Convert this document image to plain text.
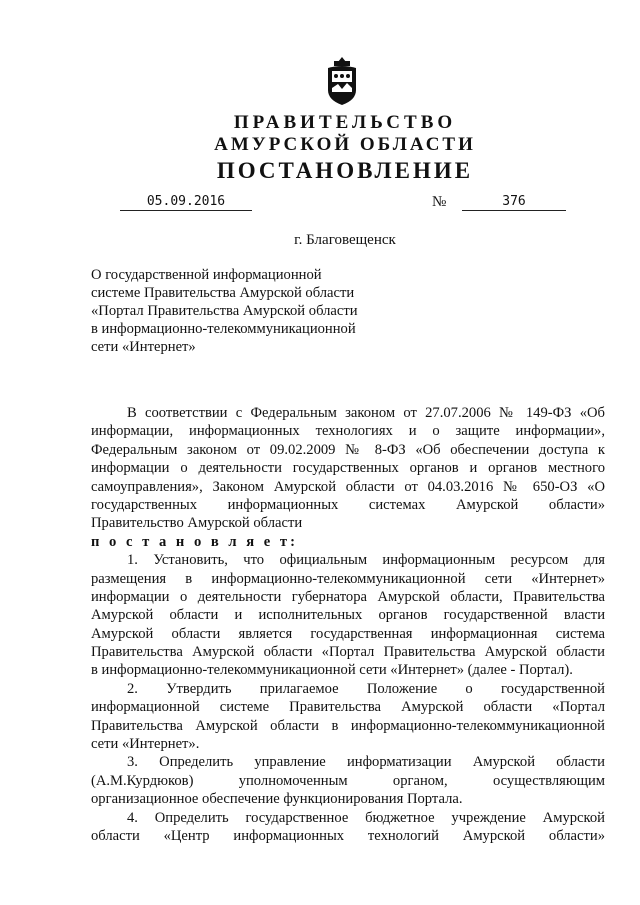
ПРАВИТЕЛЬСТВО
АМУРСКОЙ ОБЛАСТИ
ПОСТАНОВЛЕНИЕ
05.09.2016	№	376
г. Благовещенск
О государственной информационной
системе Правительства Амурской области
«Портал Правительства Амурской области
в информационно-телекоммуникационной
сети «Интернет»
В соответствии с Федеральным законом от 27.07.2006 № 149-ФЗ «Об
информации, информационных технологиях и о защите информации»,
Федеральным законом от 09.02.2009 № 8-ФЗ «Об обеспечении доступа к
информации о деятельности государственных органов и органов местного
самоуправления», Законом Амурской области от 04.03.2016 № 650-ОЗ «О
государственных информационных системах Амурской области»
Правительство Амурской области
п о с т а н о в л я е т:
1. Установить, что официальным информационным ресурсом для
размещения в информационно-телекоммуникационной сети «Интернет»
информации о деятельности губернатора Амурской области, Правительства
Амурской области и исполнительных органов государственной власти
Амурской области является государственная информационная система
Правительства Амурской области «Портал Правительства Амурской области
в информационно-телекоммуникационной сети «Интернет» (далее - Портал).
2. Утвердить прилагаемое Положение о государственной
информационной системе Правительства Амурской области «Портал
Правительства Амурской области в информационно-телекоммуникационной
сети «Интернет».
3. Определить управление информатизации Амурской области
(А.М.Курдюков) уполномоченным органом, осуществляющим
организационное обеспечение функционирования Портала.
4. Определить государственное бюджетное учреждение Амурской
области «Центр информационных технологий Амурской области»
